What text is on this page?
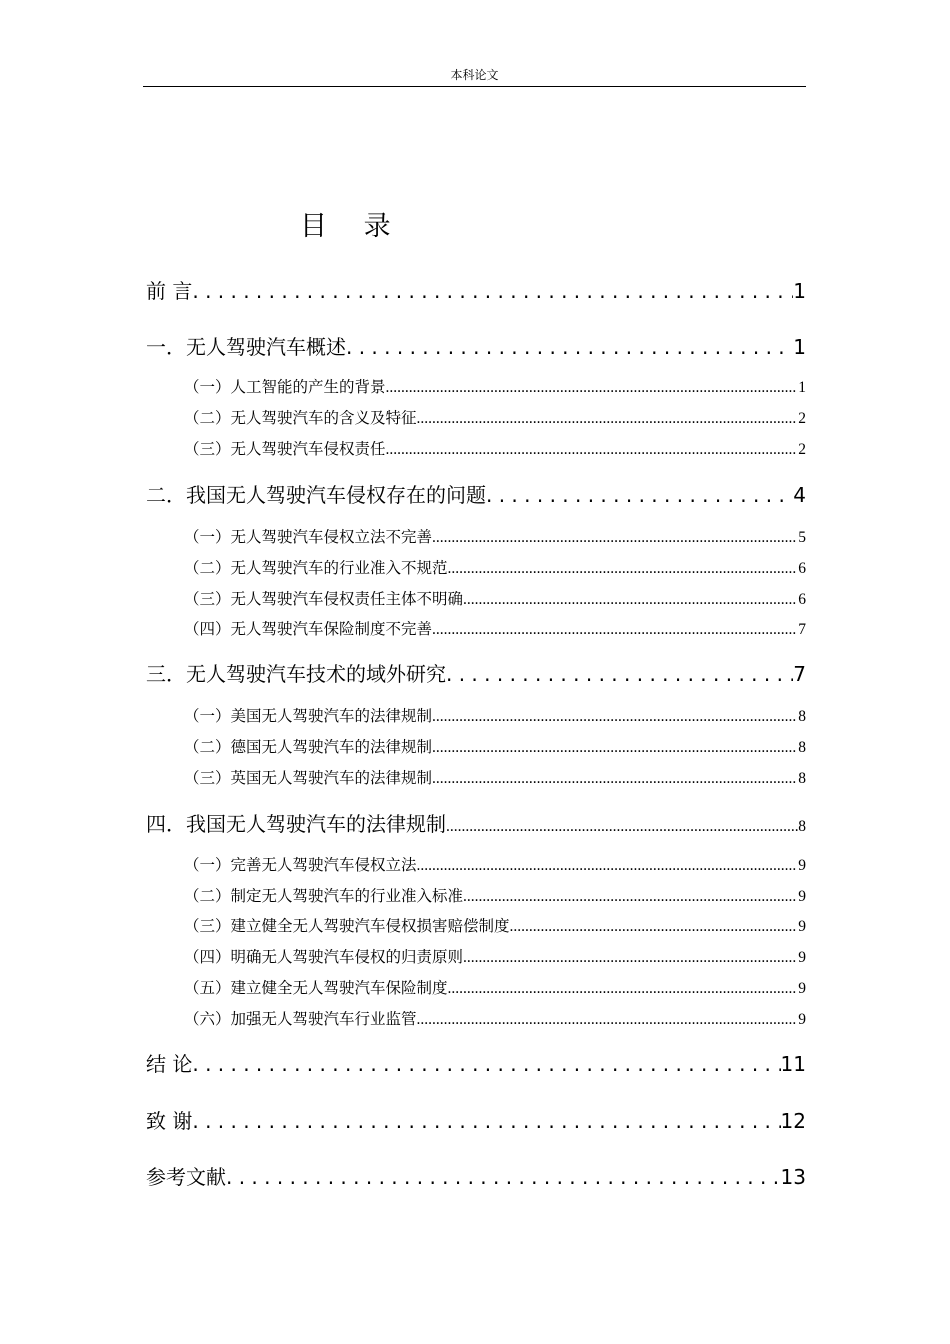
本科论文
目 录
前 言 . . .	1
一．无人驾驶汽车概述 . . .	1
（一）人工智能的产生的背景 .....	1
（二）无人驾驶汽车的含义及特征 .....	2
（三）无人驾驶汽车侵权责任 .....	2
二．我国无人驾驶汽车侵权存在的问题 . . .	4
（一）无人驾驶汽车侵权立法不完善 .....	5
（二）无人驾驶汽车的行业准入不规范 .....	6
（三）无人驾驶汽车侵权责任主体不明确 .....	6
（四）无人驾驶汽车保险制度不完善 .....	7
三．无人驾驶汽车技术的域外研究 . . .	7
（一）美国无人驾驶汽车的法律规制 .....	8
（二）德国无人驾驶汽车的法律规制 .....	8
（三）英国无人驾驶汽车的法律规制 .....	8
四．我国无人驾驶汽车的法律规制 .....	8
（一）完善无人驾驶汽车侵权立法 .....	9
（二）制定无人驾驶汽车的行业准入标准 .....	9
（三）建立健全无人驾驶汽车侵权损害赔偿制度 .....	9
（四）明确无人驾驶汽车侵权的归责原则 .....	9
（五）建立健全无人驾驶汽车保险制度 .....	9
（六）加强无人驾驶汽车行业监管 .....	9
结 论 . . .	11
致 谢 . . .	12
参考文献 . . .	13
